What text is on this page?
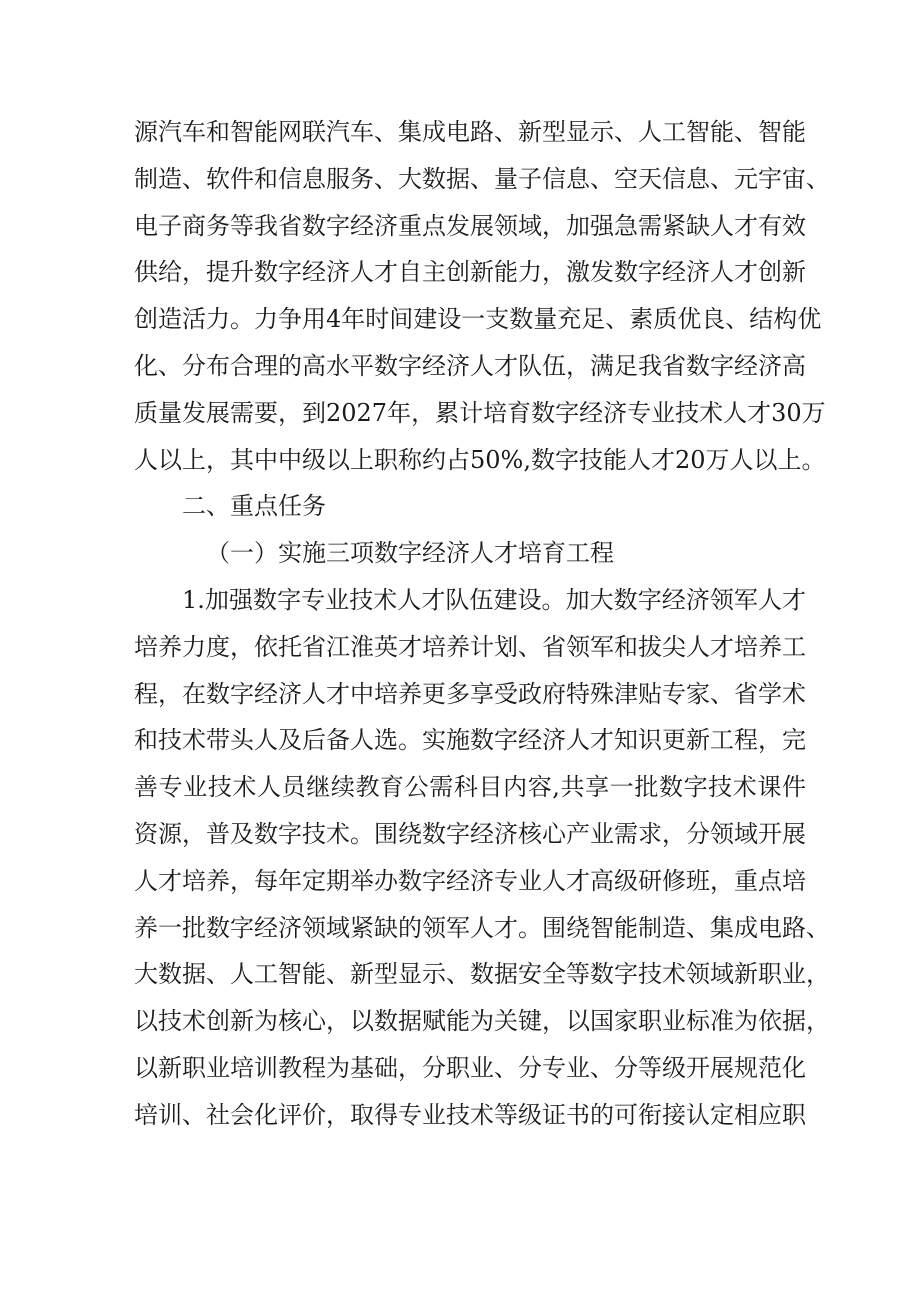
源汽车和智能网联汽车、集成电路、新型显示、人工智能、智能
制造、软件和信息服务、大数据、量子信息、空天信息、元宇宙、
电子商务等我省数字经济重点发展领域，加强急需紧缺人才有效
供给，提升数字经济人才自主创新能力，激发数字经济人才创新
创造活力。力争用4年时间建设一支数量充足、素质优良、结构优
化、分布合理的高水平数字经济人才队伍，满足我省数字经济高
质量发展需要，到2027年，累计培育数字经济专业技术人才30万
人以上，其中中级以上职称约占50%,数字技能人才20万人以上。
二、重点任务
（一）实施三项数字经济人才培育工程
1.加强数字专业技术人才队伍建设。加大数字经济领军人才
培养力度，依托省江淮英才培养计划、省领军和拔尖人才培养工
程，在数字经济人才中培养更多享受政府特殊津贴专家、省学术
和技术带头人及后备人选。实施数字经济人才知识更新工程，完
善专业技术人员继续教育公需科目内容,共享一批数字技术课件
资源，普及数字技术。围绕数字经济核心产业需求，分领域开展
人才培养，每年定期举办数字经济专业人才高级研修班，重点培
养一批数字经济领域紧缺的领军人才。围绕智能制造、集成电路、
大数据、人工智能、新型显示、数据安全等数字技术领域新职业，
以技术创新为核心，以数据赋能为关键，以国家职业标准为依据，
以新职业培训教程为基础，分职业、分专业、分等级开展规范化
培训、社会化评价，取得专业技术等级证书的可衔接认定相应职
